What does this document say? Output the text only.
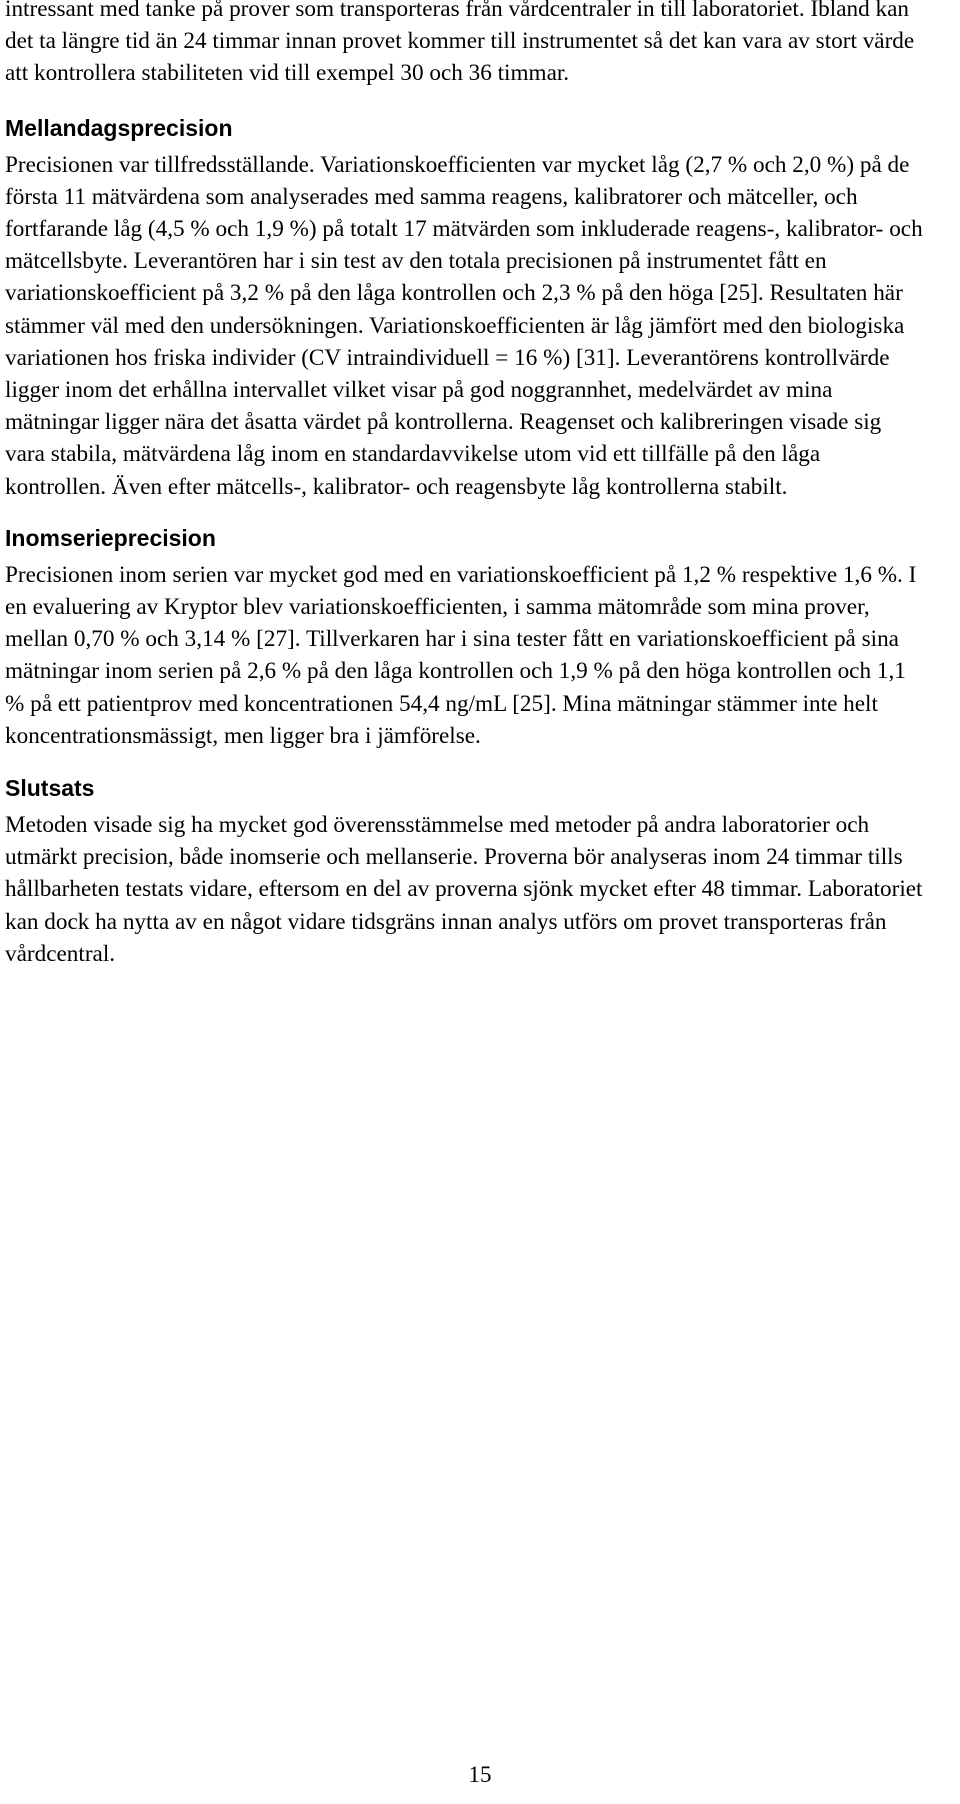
intressant med tanke på prover som transporteras från vårdcentraler in till laboratoriet. Ibland kan det ta längre tid än 24 timmar innan provet kommer till instrumentet så det kan vara av stort värde att kontrollera stabiliteten vid till exempel 30 och 36 timmar.

Mellandagsprecision

Precisionen var tillfredsställande. Variationskoefficienten var mycket låg (2,7 % och 2,0 %) på de första 11 mätvärdena som analyserades med samma reagens, kalibratorer och mätceller, och fortfarande låg (4,5 % och 1,9 %) på totalt 17 mätvärden som inkluderade reagens-, kalibrator- och mätcellsbyte. Leverantören har i sin test av den totala precisionen på instrumentet fått en variationskoefficient på 3,2 % på den låga kontrollen och 2,3 % på den höga [25]. Resultaten här stämmer väl med den undersökningen. Variationskoefficienten är låg jämfört med den biologiska variationen hos friska individer (CV intraindividuell = 16 %) [31]. Leverantörens kontrollvärde ligger inom det erhållna intervallet vilket visar på god noggrannhet, medelvärdet av mina mätningar ligger nära det åsatta värdet på kontrollerna. Reagenset och kalibreringen visade sig vara stabila, mätvärdena låg inom en standardavvikelse utom vid ett tillfälle på den låga kontrollen. Även efter mätcells-, kalibrator- och reagensbyte låg kontrollerna stabilt.

Inomserieprecision

Precisionen inom serien var mycket god med en variationskoefficient på 1,2 % respektive 1,6 %. I en evaluering av Kryptor blev variationskoefficienten, i samma mätområde som mina prover, mellan 0,70 % och 3,14 % [27]. Tillverkaren har i sina tester fått en variationskoefficient på sina mätningar inom serien på 2,6 % på den låga kontrollen och 1,9 % på den höga kontrollen och 1,1 % på ett patientprov med koncentrationen 54,4 ng/mL [25]. Mina mätningar stämmer inte helt koncentrationsmässigt, men ligger bra i jämförelse.

Slutsats

Metoden visade sig ha mycket god överensstämmelse med metoder på andra laboratorier och utmärkt precision, både inomserie och mellanserie. Proverna bör analyseras inom 24 timmar tills hållbarheten testats vidare, eftersom en del av proverna sjönk mycket efter 48 timmar. Laboratoriet kan dock ha nytta av en något vidare tidsgräns innan analys utförs om provet transporteras från vårdcentral.

15
